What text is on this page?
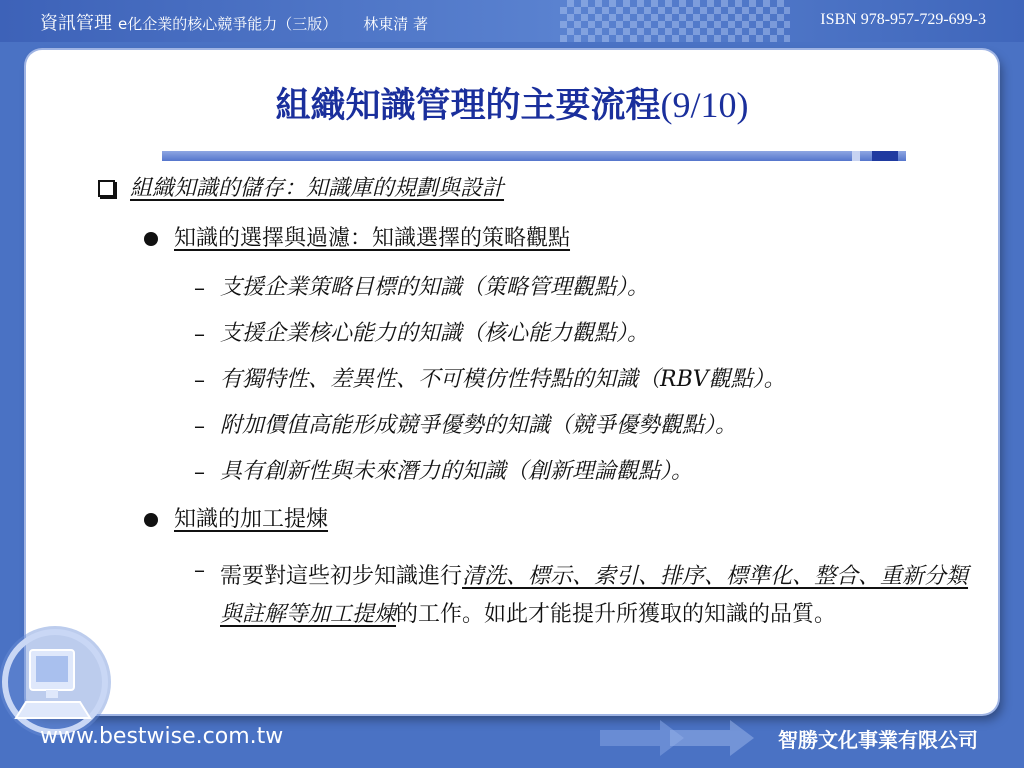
資訊管理 e化企業的核心競爭能力（三版） 林東清 著	ISBN 978-957-729-699-3
組織知識管理的主要流程(9/10)
組織知識的儲存：知識庫的規劃與設計
知識的選擇與過濾：知識選擇的策略觀點
– 支援企業策略目標的知識（策略管理觀點）。
– 支援企業核心能力的知識（核心能力觀點）。
– 有獨特性、差異性、不可模仿性特點的知識（RBV觀點）。
– 附加價值高能形成競爭優勢的知識（競爭優勢觀點）。
– 具有創新性與未來潛力的知識（創新理論觀點）。
知識的加工提煉
– 需要對這些初步知識進行清洗、標示、索引、排序、標準化、整合、重新分類與註解等加工提煉的工作。如此才能提升所獲取的知識的品質。
www.bestwise.com.tw	智勝文化事業有限公司
